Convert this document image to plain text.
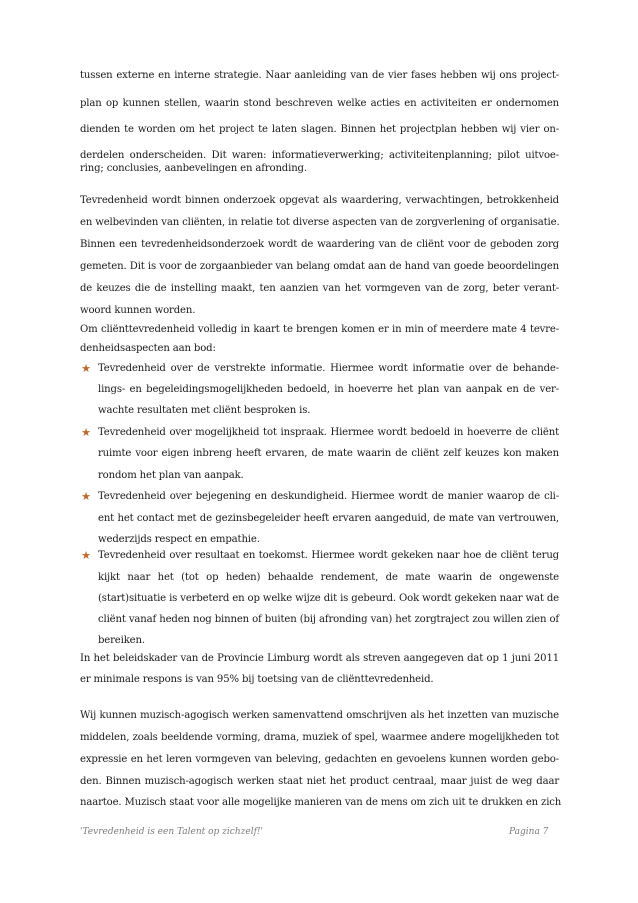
tussen externe en interne strategie. Naar aanleiding van de vier fases hebben wij ons project-
plan op kunnen stellen, waarin stond beschreven welke acties en activiteiten er ondernomen
dienden te worden om het project te laten slagen. Binnen het projectplan hebben wij vier on-
derdelen onderscheiden. Dit waren: informatieverwerking; activiteitenplanning; pilot uitvoe-
ring; conclusies, aanbevelingen en afronding.
Tevredenheid wordt binnen onderzoek opgevat als waardering, verwachtingen, betrokkenheid
en welbevinden van cliënten, in relatie tot diverse aspecten van de zorgverlening of organisatie.
Binnen een tevredenheidsonderzoek wordt de waardering van de cliënt voor de geboden zorg
gemeten. Dit is voor de zorgaanbieder van belang omdat aan de hand van goede beoordelingen
de keuzes die de instelling maakt, ten aanzien van het vormgeven van de zorg, beter verant-
woord kunnen worden.
Om cliënttevredenheid volledig in kaart te brengen komen er in min of meerdere mate 4 tevre-
denheidsaspecten aan bod:
★ Tevredenheid over de verstrekte informatie. Hiermee wordt informatie over de behande-
lings- en begeleidingsmogelijkheden bedoeld, in hoeverre het plan van aanpak en de ver-
wachte resultaten met cliënt besproken is.
★ Tevredenheid over mogelijkheid tot inspraak. Hiermee wordt bedoeld in hoeverre de cliënt
ruimte voor eigen inbreng heeft ervaren, de mate waarin de cliënt zelf keuzes kon maken
rondom het plan van aanpak.
★ Tevredenheid over bejegening en deskundigheid. Hiermee wordt de manier waarop de cli-
ent het contact met de gezinsbegeleider heeft ervaren aangeduid, de mate van vertrouwen,
wederzijds respect en empathie.
★ Tevredenheid over resultaat en toekomst. Hiermee wordt gekeken naar hoe de cliënt terug
kijkt naar het (tot op heden) behaalde rendement, de mate waarin de ongewenste
(start)situatie is verbeterd en op welke wijze dit is gebeurd. Ook wordt gekeken naar wat de
cliënt vanaf heden nog binnen of buiten (bij afronding van) het zorgtraject zou willen zien of
bereiken.
In het beleidskader van de Provincie Limburg wordt als streven aangegeven dat op 1 juni 2011
er minimale respons is van 95% bij toetsing van de cliënttevredenheid.
Wij kunnen muzisch-agogisch werken samenvattend omschrijven als het inzetten van muzische
middelen, zoals beeldende vorming, drama, muziek of spel, waarmee andere mogelijkheden tot
expressie en het leren vormgeven van beleving, gedachten en gevoelens kunnen worden gebo-
den. Binnen muzisch-agogisch werken staat niet het product centraal, maar juist de weg daar
naartoe. Muzisch staat voor alle mogelijke manieren van de mens om zich uit te drukken en zich
'Tevredenheid is een Talent op zichzelf!'	Pagina 7
